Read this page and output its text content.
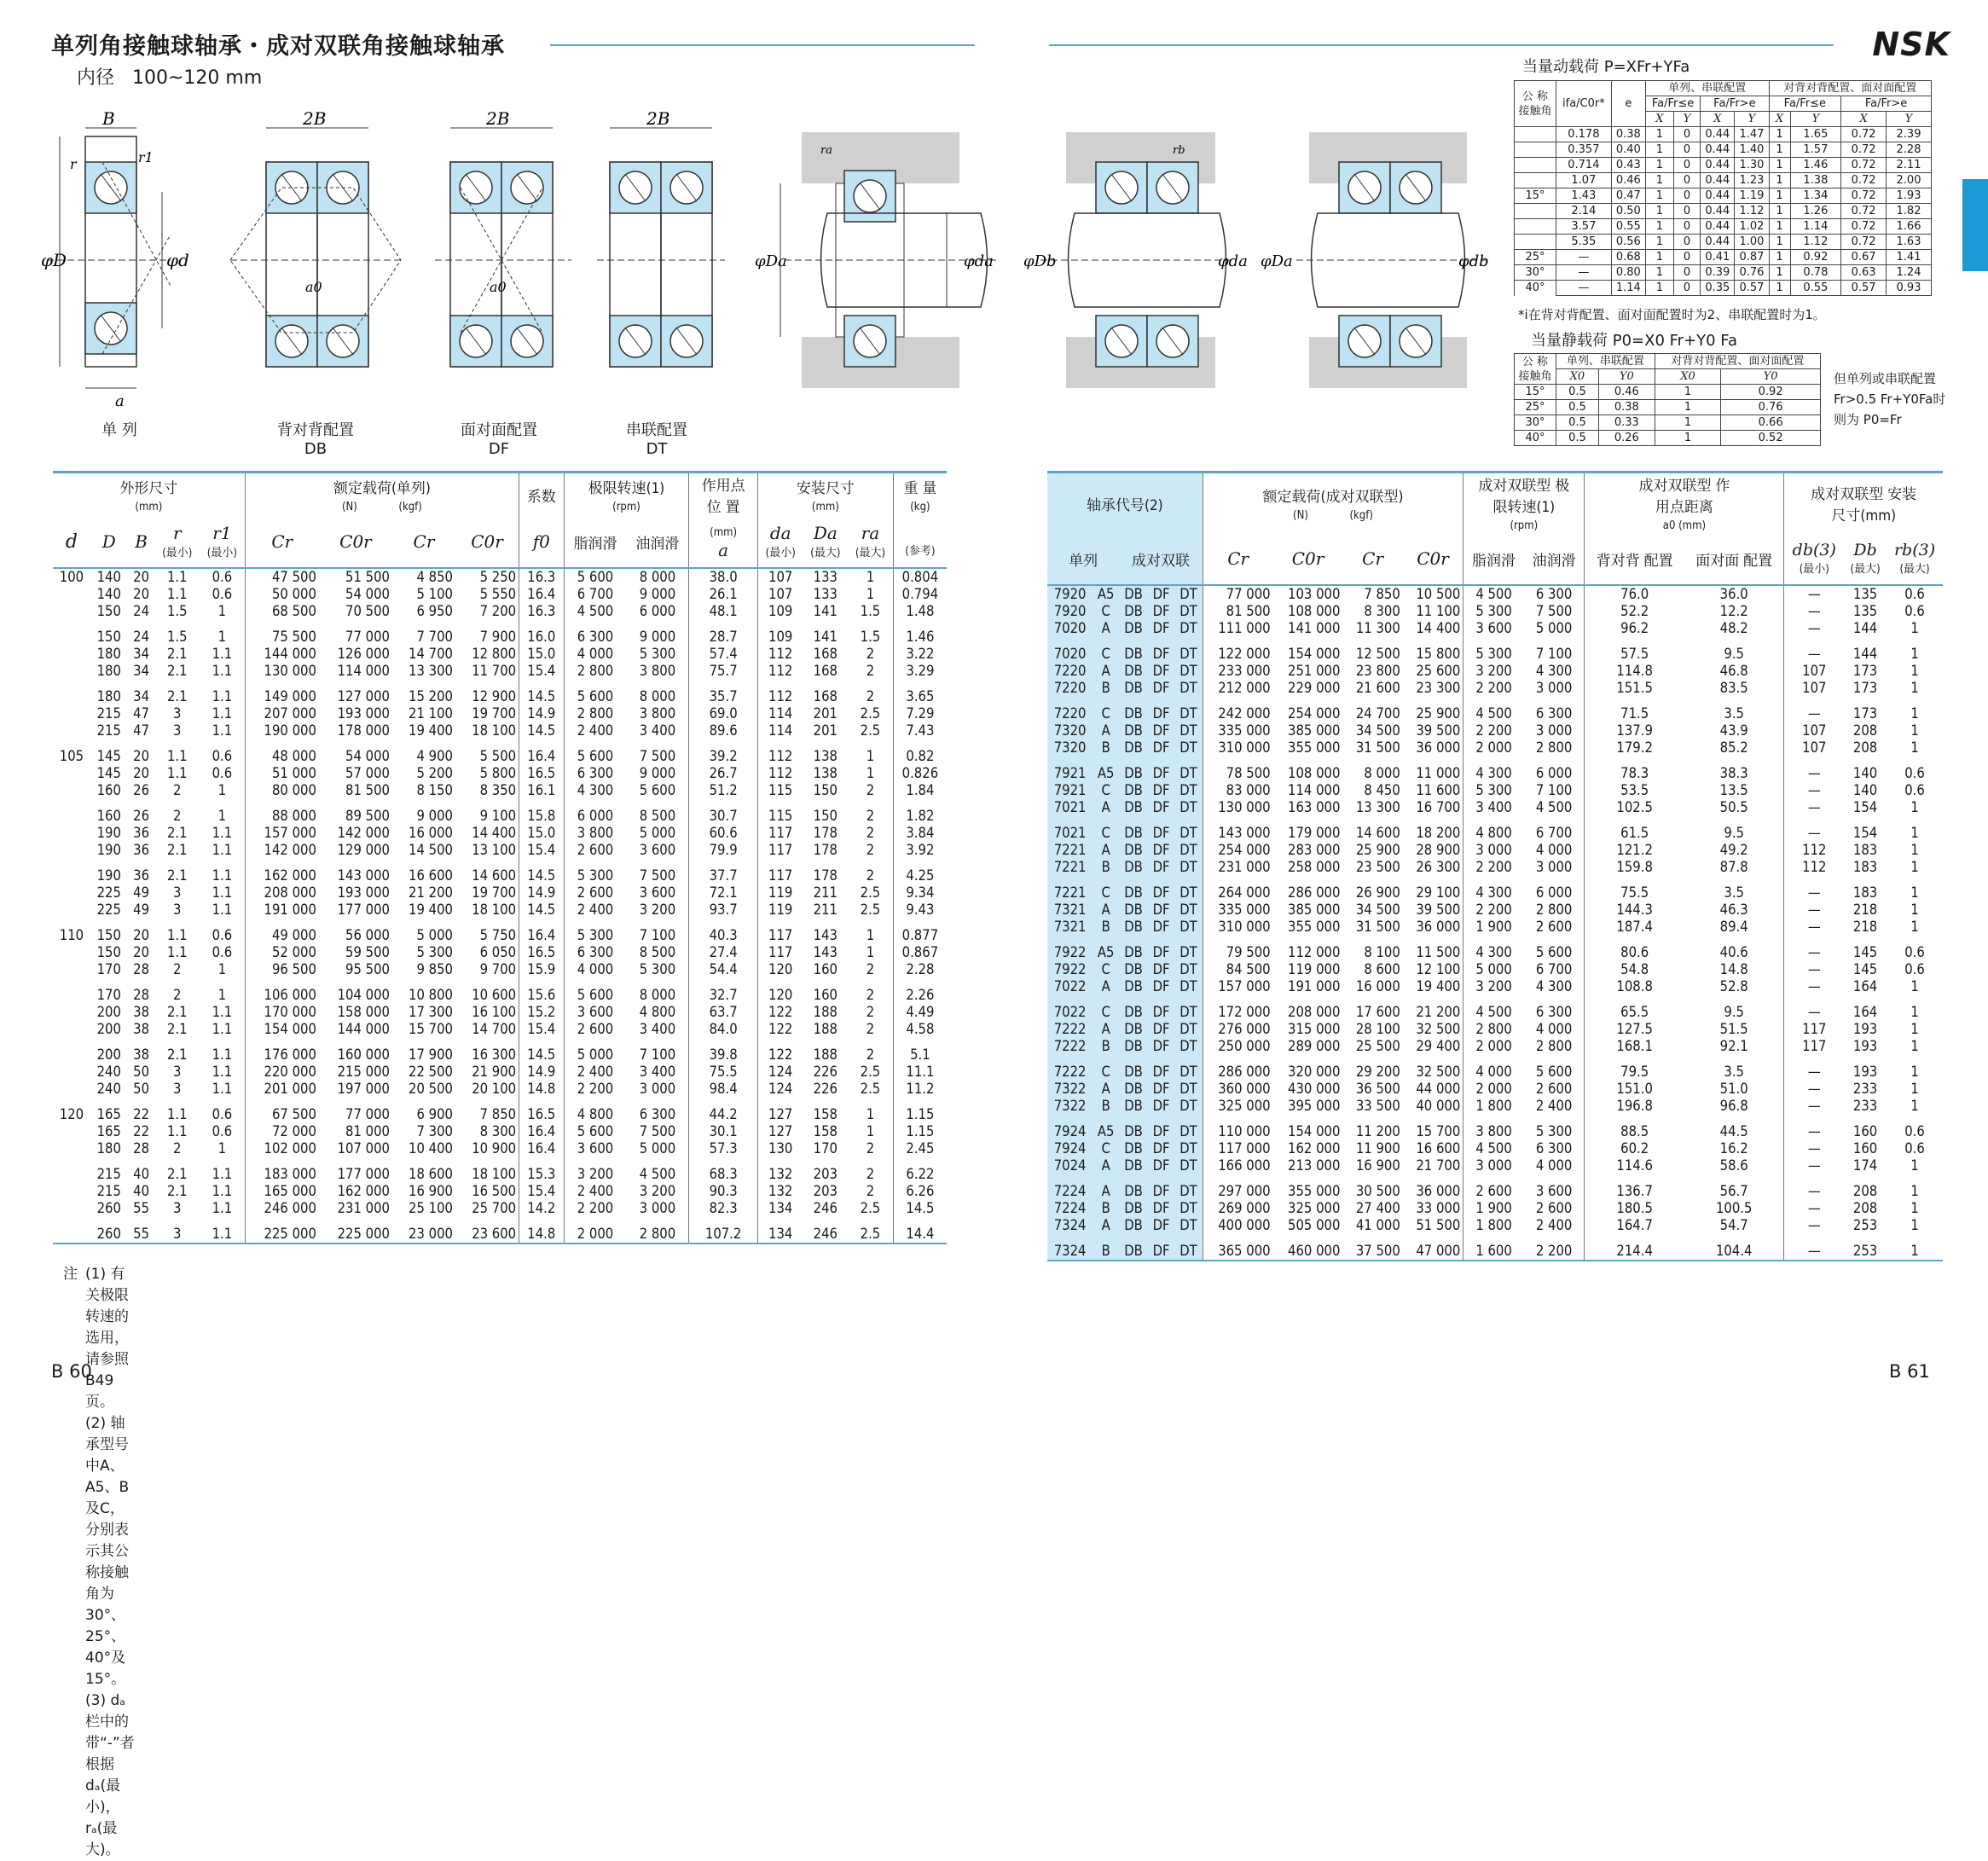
单列角接触球轴承・成对双联角接触球轴承
内径 100~120 mm
NSK
B
r	r1
φD	φd
a
2B
a0
2B
a0
2B
φDa	φda
ra
φDb	φda
rb
φDa	φdb
单 列	背对背配置
DB
面对面配置
DF
串联配置
DT
当量动载荷 P=XFr+YFa
公 称 接触角	ifa/C0r*	e	单列、串联配置				对背对背配置、面对面配置			
			Fa/Fr≤e		Fa/Fr>e		Fa/Fr≤e		Fa/Fr>e	
			X	Y	X	Y	X	Y	X	Y
	0.178	0.38	1	0	0.44	1.47	1	1.65	0.72	2.39
	0.357	0.40	1	0	0.44	1.40	1	1.57	0.72	2.28
	0.714	0.43	1	0	0.44	1.30	1	1.46	0.72	2.11
	1.07	0.46	1	0	0.44	1.23	1	1.38	0.72	2.00
15°	1.43	0.47	1	0	0.44	1.19	1	1.34	0.72	1.93
	2.14	0.50	1	0	0.44	1.12	1	1.26	0.72	1.82
	3.57	0.55	1	0	0.44	1.02	1	1.14	0.72	1.66
	5.35	0.56	1	0	0.44	1.00	1	1.12	0.72	1.63
25°	—	0.68	1	0	0.41	0.87	1	0.92	0.67	1.41
30°	—	0.80	1	0	0.39	0.76	1	0.78	0.63	1.24
40°	—	1.14	1	0	0.35	0.57	1	0.55	0.57	0.93
*i在背对背配置、面对面配置时为2、串联配置时为1。
当量静载荷 P0=X0 Fr+Y0 Fa
公 称 接触角	单列、串联配置		对背对背配置、面对面配置	
	X0	Y0	X0	Y0
15°	0.5	0.46	1	0.92
25°	0.5	0.38	1	0.76
30°	0.5	0.33	1	0.66
40°	0.5	0.26	1	0.52
但单列或串联配置
Fr>0.5 Fr+Y0Fa时
则为 P0=Fr
外形尺寸
(mm)					额定载荷(单列)
(N) (kgf)				系数	极限转速(1)
(rpm)		作用点位 置	安装尺寸
(mm)			重 量
(kg)
d	D	B	r
(最小)	r1
(最小)	Cr	C0r	Cr	C0r	f0	脂润滑	油润滑	(mm)
a	da
(最小)	Da
(最大)	ra
(最大)	(参考)
100	140	20	1.1	0.6	47 500	51 500	4 850	5 250	16.3	5 600	8 000	38.0	107	133	1	0.804
	140	20	1.1	0.6	50 000	54 000	5 100	5 550	16.4	6 700	9 000	26.1	107	133	1	0.794
	150	24	1.5	1	68 500	70 500	6 950	7 200	16.3	4 500	6 000	48.1	109	141	1.5	1.48
	150	24	1.5	1	75 500	77 000	7 700	7 900	16.0	6 300	9 000	28.7	109	141	1.5	1.46
	180	34	2.1	1.1	144 000	126 000	14 700	12 800	15.0	4 000	5 300	57.4	112	168	2	3.22
	180	34	2.1	1.1	130 000	114 000	13 300	11 700	15.4	2 800	3 800	75.7	112	168	2	3.29
	180	34	2.1	1.1	149 000	127 000	15 200	12 900	14.5	5 600	8 000	35.7	112	168	2	3.65
	215	47	3	1.1	207 000	193 000	21 100	19 700	14.9	2 800	3 800	69.0	114	201	2.5	7.29
	215	47	3	1.1	190 000	178 000	19 400	18 100	14.5	2 400	3 400	89.6	114	201	2.5	7.43
105	145	20	1.1	0.6	48 000	54 000	4 900	5 500	16.4	5 600	7 500	39.2	112	138	1	0.82
	145	20	1.1	0.6	51 000	57 000	5 200	5 800	16.5	6 300	9 000	26.7	112	138	1	0.826
	160	26	2	1	80 000	81 500	8 150	8 350	16.1	4 300	5 600	51.2	115	150	2	1.84
	160	26	2	1	88 000	89 500	9 000	9 100	15.8	6 000	8 500	30.7	115	150	2	1.82
	190	36	2.1	1.1	157 000	142 000	16 000	14 400	15.0	3 800	5 000	60.6	117	178	2	3.84
	190	36	2.1	1.1	142 000	129 000	14 500	13 100	15.4	2 600	3 600	79.9	117	178	2	3.92
	190	36	2.1	1.1	162 000	143 000	16 600	14 600	14.5	5 300	7 500	37.7	117	178	2	4.25
	225	49	3	1.1	208 000	193 000	21 200	19 700	14.9	2 600	3 600	72.1	119	211	2.5	9.34
	225	49	3	1.1	191 000	177 000	19 400	18 100	14.5	2 400	3 200	93.7	119	211	2.5	9.43
110	150	20	1.1	0.6	49 000	56 000	5 000	5 750	16.4	5 300	7 100	40.3	117	143	1	0.877
	150	20	1.1	0.6	52 000	59 500	5 300	6 050	16.5	6 300	8 500	27.4	117	143	1	0.867
	170	28	2	1	96 500	95 500	9 850	9 700	15.9	4 000	5 300	54.4	120	160	2	2.28
	170	28	2	1	106 000	104 000	10 800	10 600	15.6	5 600	8 000	32.7	120	160	2	2.26
	200	38	2.1	1.1	170 000	158 000	17 300	16 100	15.2	3 600	4 800	63.7	122	188	2	4.49
	200	38	2.1	1.1	154 000	144 000	15 700	14 700	15.4	2 600	3 400	84.0	122	188	2	4.58
	200	38	2.1	1.1	176 000	160 000	17 900	16 300	14.5	5 000	7 100	39.8	122	188	2	5.1
	240	50	3	1.1	220 000	215 000	22 500	21 900	14.9	2 400	3 400	75.5	124	226	2.5	11.1
	240	50	3	1.1	201 000	197 000	20 500	20 100	14.8	2 200	3 000	98.4	124	226	2.5	11.2
120	165	22	1.1	0.6	67 500	77 000	6 900	7 850	16.5	4 800	6 300	44.2	127	158	1	1.15
	165	22	1.1	0.6	72 000	81 000	7 300	8 300	16.4	5 600	7 500	30.1	127	158	1	1.15
	180	28	2	1	102 000	107 000	10 400	10 900	16.4	3 600	5 000	57.3	130	170	2	2.45
	215	40	2.1	1.1	183 000	177 000	18 600	18 100	15.3	3 200	4 500	68.3	132	203	2	6.22
	215	40	2.1	1.1	165 000	162 000	16 900	16 500	15.4	2 400	3 200	90.3	132	203	2	6.26
	260	55	3	1.1	246 000	231 000	25 100	25 700	14.2	2 200	3 000	82.3	134	246	2.5	14.5
	260	55	3	1.1	225 000	225 000	23 000	23 600	14.8	2 000	2 800	107.2	134	246	2.5	14.4

轴承代号(2)					额定载荷(成对双联型)
(N) (kgf)				成对双联型 极限转速(1)
(rpm)		成对双联型 作用点距离
a0 (mm)		成对双联型 安装尺寸(mm)		
单列		成对双联			Cr	C0r	Cr	C0r	脂润滑	油润滑	背对背 配置	面对面 配置	db(3)
(最小)	Db
(最大)	rb(3)
(最大)
7920	A5	DB	DF	DT	77 000	103 000	7 850	10 500	4 500	6 300	76.0	36.0	—	135	0.6
7920	C	DB	DF	DT	81 500	108 000	8 300	11 100	5 300	7 500	52.2	12.2	—	135	0.6
7020	A	DB	DF	DT	111 000	141 000	11 300	14 400	3 600	5 000	96.2	48.2	—	144	1
7020	C	DB	DF	DT	122 000	154 000	12 500	15 800	5 300	7 100	57.5	9.5	—	144	1
7220	A	DB	DF	DT	233 000	251 000	23 800	25 600	3 200	4 300	114.8	46.8	107	173	1
7220	B	DB	DF	DT	212 000	229 000	21 600	23 300	2 200	3 000	151.5	83.5	107	173	1
7220	C	DB	DF	DT	242 000	254 000	24 700	25 900	4 500	6 300	71.5	3.5	—	173	1
7320	A	DB	DF	DT	335 000	385 000	34 500	39 500	2 200	3 000	137.9	43.9	107	208	1
7320	B	DB	DF	DT	310 000	355 000	31 500	36 000	2 000	2 800	179.2	85.2	107	208	1
7921	A5	DB	DF	DT	78 500	108 000	8 000	11 000	4 300	6 000	78.3	38.3	—	140	0.6
7921	C	DB	DF	DT	83 000	114 000	8 450	11 600	5 300	7 100	53.5	13.5	—	140	0.6
7021	A	DB	DF	DT	130 000	163 000	13 300	16 700	3 400	4 500	102.5	50.5	—	154	1
7021	C	DB	DF	DT	143 000	179 000	14 600	18 200	4 800	6 700	61.5	9.5	—	154	1
7221	A	DB	DF	DT	254 000	283 000	25 900	28 900	3 000	4 000	121.2	49.2	112	183	1
7221	B	DB	DF	DT	231 000	258 000	23 500	26 300	2 200	3 000	159.8	87.8	112	183	1
7221	C	DB	DF	DT	264 000	286 000	26 900	29 100	4 300	6 000	75.5	3.5	—	183	1
7321	A	DB	DF	DT	335 000	385 000	34 500	39 500	2 200	2 800	144.3	46.3	—	218	1
7321	B	DB	DF	DT	310 000	355 000	31 500	36 000	1 900	2 600	187.4	89.4	—	218	1
7922	A5	DB	DF	DT	79 500	112 000	8 100	11 500	4 300	5 600	80.6	40.6	—	145	0.6
7922	C	DB	DF	DT	84 500	119 000	8 600	12 100	5 000	6 700	54.8	14.8	—	145	0.6
7022	A	DB	DF	DT	157 000	191 000	16 000	19 400	3 200	4 300	108.8	52.8	—	164	1
7022	C	DB	DF	DT	172 000	208 000	17 600	21 200	4 500	6 300	65.5	9.5	—	164	1
7222	A	DB	DF	DT	276 000	315 000	28 100	32 500	2 800	4 000	127.5	51.5	117	193	1
7222	B	DB	DF	DT	250 000	289 000	25 500	29 400	2 000	2 800	168.1	92.1	117	193	1
7222	C	DB	DF	DT	286 000	320 000	29 200	32 500	4 000	5 600	79.5	3.5	—	193	1
7322	A	DB	DF	DT	360 000	430 000	36 500	44 000	2 000	2 600	151.0	51.0	—	233	1
7322	B	DB	DF	DT	325 000	395 000	33 500	40 000	1 800	2 400	196.8	96.8	—	233	1
7924	A5	DB	DF	DT	110 000	154 000	11 200	15 700	3 800	5 300	88.5	44.5	—	160	0.6
7924	C	DB	DF	DT	117 000	162 000	11 900	16 600	4 500	6 300	60.2	16.2	—	160	0.6
7024	A	DB	DF	DT	166 000	213 000	16 900	21 700	3 000	4 000	114.6	58.6	—	174	1
7224	A	DB	DF	DT	297 000	355 000	30 500	36 000	2 600	3 600	136.7	56.7	—	208	1
7224	B	DB	DF	DT	269 000	325 000	27 400	33 000	1 900	2 600	180.5	100.5	—	208	1
7324	A	DB	DF	DT	400 000	505 000	41 000	51 500	1 800	2 400	164.7	54.7	—	253	1
7324	B	DB	DF	DT	365 000	460 000	37 500	47 000	1 600	2 200	214.4	104.4	—	253	1

注 (1) 有关极限转速的选用，请参照B49页。
(2) 轴承型号中A、A5、B及C，分别表示其公称接触角为30°、25°、40°及15°。
(3) dₐ栏中的带“-”者根据dₐ(最小)，rₐ(最大)。
B 60	B 61
